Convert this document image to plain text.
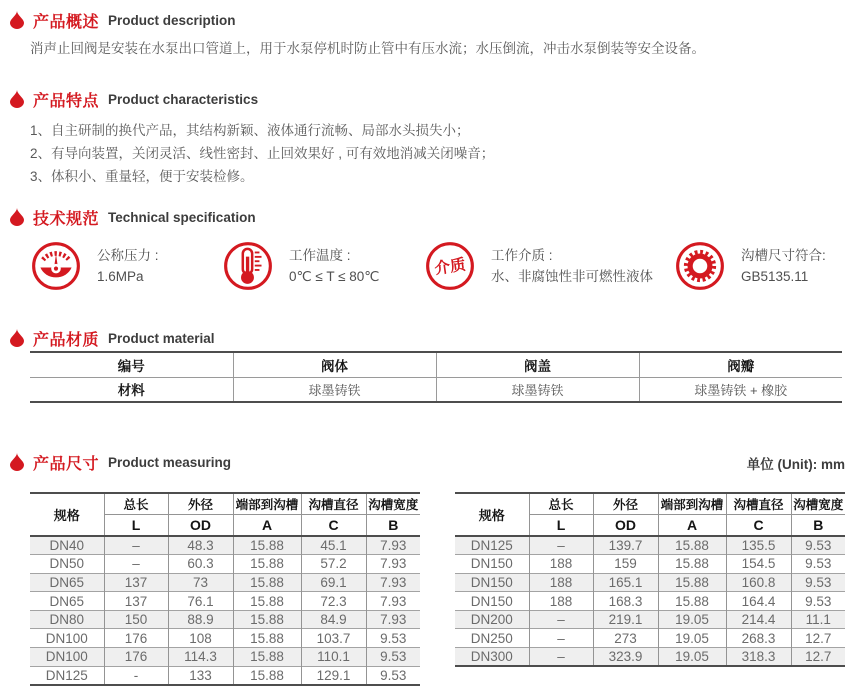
产品概述 Product description
消声止回阀是安装在水泵出口管道上，用于水泵停机时防止管中有压水流；水压倒流，冲击水泵倒装等安全设备。
产品特点 Product characteristics
1、自主研制的换代产品，其结构新颖、液体通行流畅、局部水头损失小；
2、有导向装置，关闭灵活、线性密封、止回效果好 , 可有效地消减关闭噪音；
3、体积小、重量轻，便于安装检修。
技术规范 Technical specification
公称压力 :
1.6MPa
工作温度 :
0℃ ≤ T ≤ 80℃	介质
工作介质 :
水、非腐蚀性非可燃性液体
沟槽尺寸符合:
GB5135.11
产品材质 Product material
编号	阀体	阀盖	阀瓣
材料	球墨铸铁	球墨铸铁	球墨铸铁 + 橡胶
产品尺寸 Product measuring	单位 (Unit): mm
规格	总长	外径	端部到沟槽	沟槽直径	沟槽宽度
	L	OD	A	C	B
DN40	–	48.3	15.88	45.1	7.93
DN50	–	60.3	15.88	57.2	7.93
DN65	137	73	15.88	69.1	7.93
DN65	137	76.1	15.88	72.3	7.93
DN80	150	88.9	15.88	84.9	7.93
DN100	176	108	15.88	103.7	9.53
DN100	176	114.3	15.88	110.1	9.53
DN125	-	133	15.88	129.1	9.53
规格	总长	外径	端部到沟槽	沟槽直径	沟槽宽度
	L	OD	A	C	B
DN125	–	139.7	15.88	135.5	9.53
DN150	188	159	15.88	154.5	9.53
DN150	188	165.1	15.88	160.8	9.53
DN150	188	168.3	15.88	164.4	9.53
DN200	–	219.1	19.05	214.4	11.1
DN250	–	273	19.05	268.3	12.7
DN300	–	323.9	19.05	318.3	12.7
